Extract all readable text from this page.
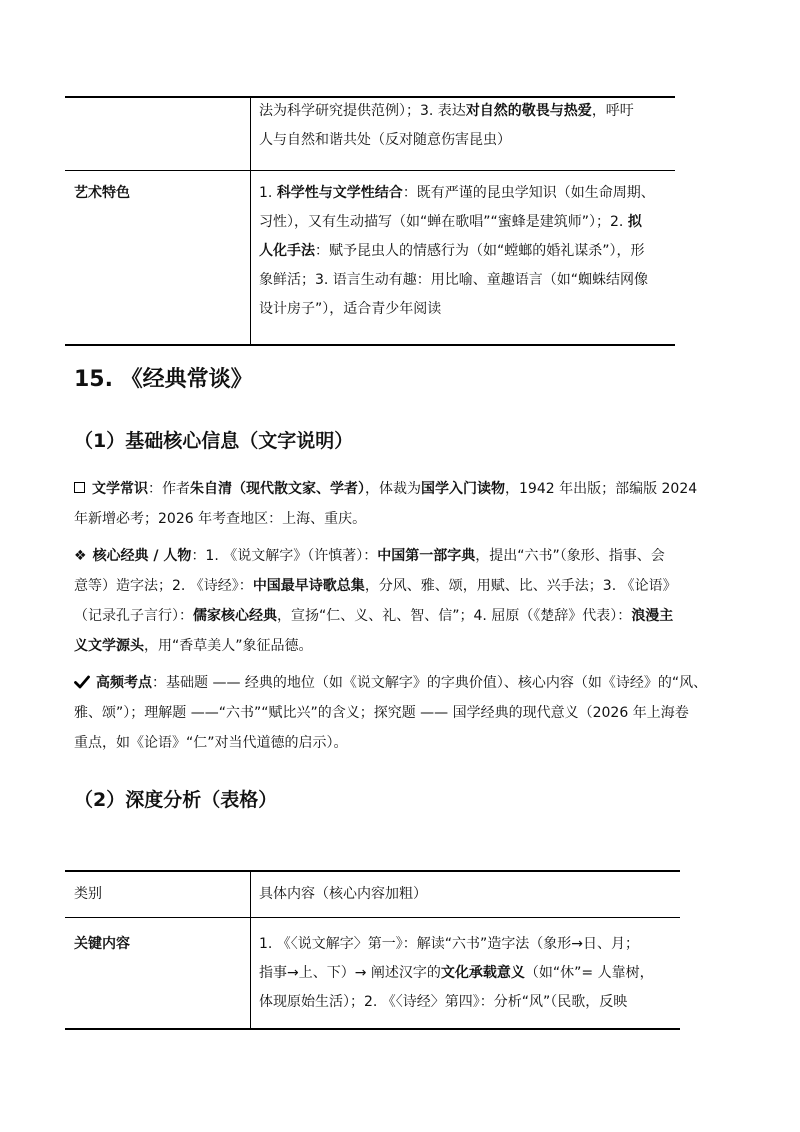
法为科学研究提供范例）；3. 表达对自然的敬畏与热爱，呼吁
人与自然和谐共处（反对随意伤害昆虫）
艺术特色	1. 科学性与文学性结合：既有严谨的昆虫学知识（如生命周期、
习性），又有生动描写（如“蝉在歌唱”“蜜蜂是建筑师”）；2. 拟
人化手法：赋予昆虫人的情感行为（如“螳螂的婚礼谋杀”），形
象鲜活；3. 语言生动有趣：用比喻、童趣语言（如“蜘蛛结网像
设计房子”），适合青少年阅读
15. 《经典常谈》
（1）基础核心信息（文字说明）
文学常识：作者朱自清（现代散文家、学者），体裁为国学入门读物，1942 年出版；部编版 2024
年新增必考；2026 年考查地区：上海、重庆。
❖ 核心经典 / 人物：1. 《说文解字》（许慎著）：中国第一部字典，提出“六书”（象形、指事、会
意等）造字法；2. 《诗经》：中国最早诗歌总集，分风、雅、颂，用赋、比、兴手法；3. 《论语》
（记录孔子言行）：儒家核心经典，宣扬“仁、义、礼、智、信”；4. 屈原（《楚辞》代表）：浪漫主
义文学源头，用“香草美人”象征品德。
高频考点：基础题 —— 经典的地位（如《说文解字》的字典价值）、核心内容（如《诗经》的“风、
雅、颂”）；理解题 ——“六书”“赋比兴”的含义；探究题 —— 国学经典的现代意义（2026 年上海卷
重点，如《论语》“仁”对当代道德的启示）。
（2）深度分析（表格）
类别	具体内容（核心内容加粗）
关键内容	1. 《〈说文解字〉第一》：解读“六书”造字法（象形→日、月；
指事→上、下）→ 阐述汉字的文化承载意义（如“休”= 人靠树，
体现原始生活）；2. 《〈诗经〉第四》：分析“风”（民歌，反映
